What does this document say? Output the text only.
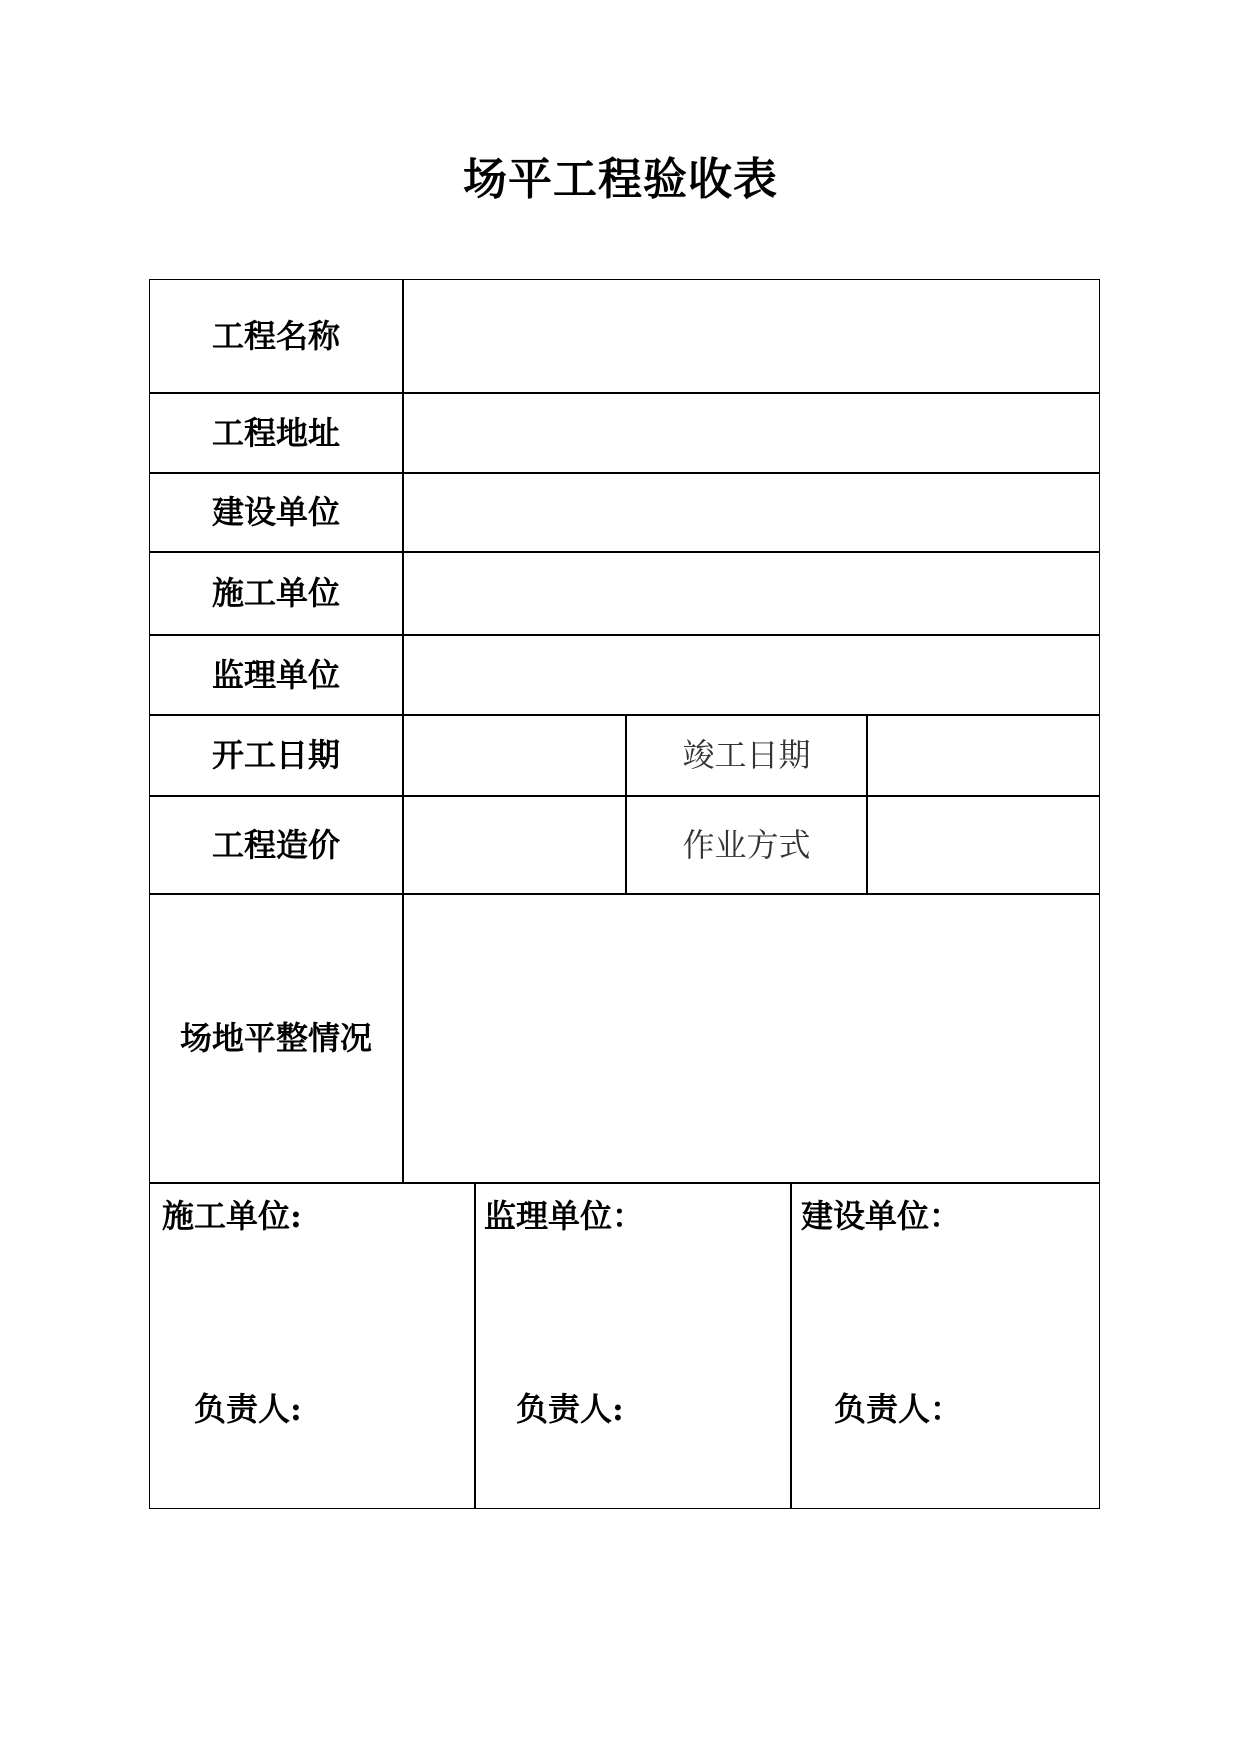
场平工程验收表
工程名称
工程地址
建设单位
施工单位
监理单位
开工日期	竣工日期
工程造价	作业方式
场地平整情况
施工单位:
负责人:
监理单位：
负责人:
建设单位：
负责人：
